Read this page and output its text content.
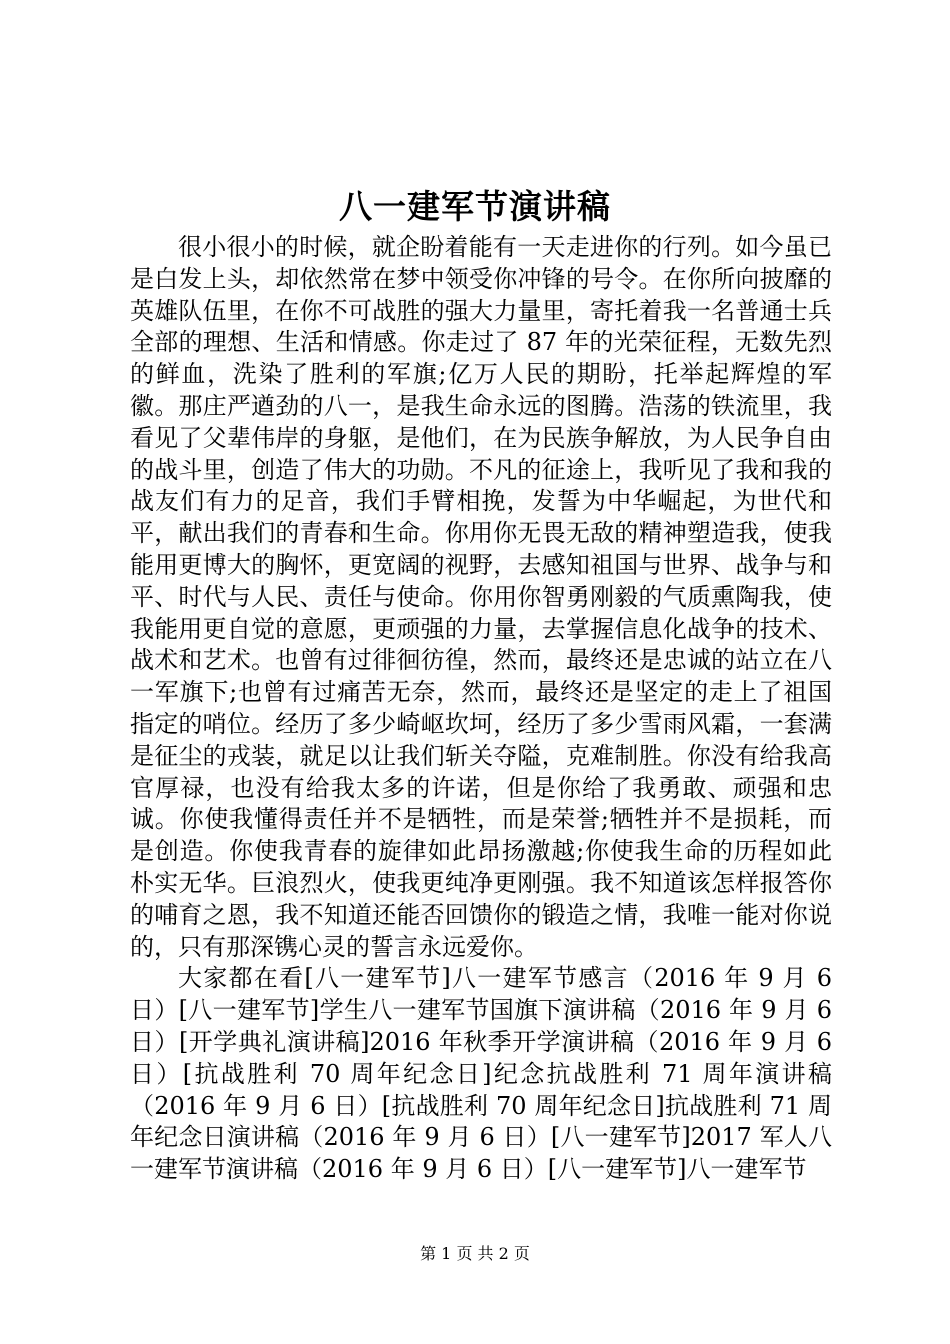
八一建军节演讲稿

很小很小的时候，就企盼着能有一天走进你的行列。如今虽已是白发上头，却依然常在梦中领受你冲锋的号令。在你所向披靡的英雄队伍里，在你不可战胜的强大力量里，寄托着我一名普通士兵全部的理想、生活和情感。你走过了 87 年的光荣征程，无数先烈的鲜血，洗染了胜利的军旗;亿万人民的期盼，托举起辉煌的军徽。那庄严遒劲的八一，是我生命永远的图腾。浩荡的铁流里，我看见了父辈伟岸的身躯，是他们，在为民族争解放，为人民争自由的战斗里，创造了伟大的功勋。不凡的征途上，我听见了我和我的战友们有力的足音，我们手臂相挽，发誓为中华崛起，为世代和平，献出我们的青春和生命。你用你无畏无敌的精神塑造我，使我能用更博大的胸怀，更宽阔的视野，去感知祖国与世界、战争与和平、时代与人民、责任与使命。你用你智勇刚毅的气质熏陶我，使我能用更自觉的意愿，更顽强的力量，去掌握信息化战争的技术、战术和艺术。也曾有过徘徊彷徨，然而，最终还是忠诚的站立在八一军旗下;也曾有过痛苦无奈，然而，最终还是坚定的走上了祖国指定的哨位。经历了多少崎岖坎坷，经历了多少雪雨风霜，一套满是征尘的戎装，就足以让我们斩关夺隘，克难制胜。你没有给我高官厚禄，也没有给我太多的许诺，但是你给了我勇敢、顽强和忠诚。你使我懂得责任并不是牺牲，而是荣誉;牺牲并不是损耗，而是创造。你使我青春的旋律如此昂扬激越;你使我生命的历程如此朴实无华。巨浪烈火，使我更纯净更刚强。我不知道该怎样报答你的哺育之恩，我不知道还能否回馈你的锻造之情，我唯一能对你说的，只有那深镌心灵的誓言永远爱你。

大家都在看[八一建军节]八一建军节感言（2016 年 9 月 6 日）[八一建军节]学生八一建军节国旗下演讲稿（2016 年 9 月 6 日）[开学典礼演讲稿]2016 年秋季开学演讲稿（2016 年 9 月 6 日）[抗战胜利 70 周年纪念日]纪念抗战胜利 71 周年演讲稿（2016 年 9 月 6 日）[抗战胜利 70 周年纪念日]抗战胜利 71 周年纪念日演讲稿（2016 年 9 月 6 日）[八一建军节]2017 军人八一建军节演讲稿（2016 年 9 月 6 日）[八一建军节]八一建军节

第 1 页 共 2 页
